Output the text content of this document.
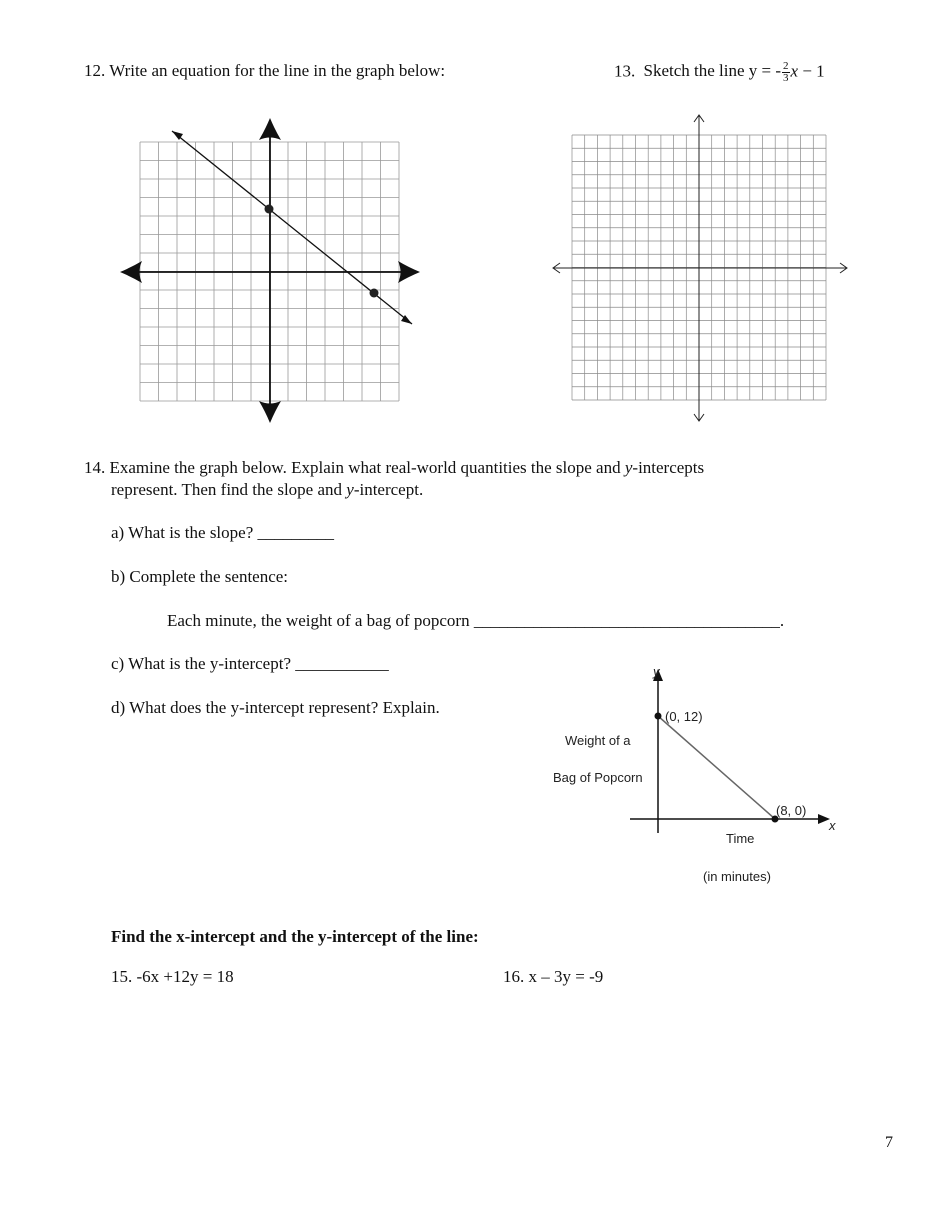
12. Write an equation for the line in the graph below:	13. Sketch the line y = - $\frac{2}{3}$ x − 1
14. Examine the graph below. Explain what real-world quantities the slope and y-intercepts
represent. Then find the slope and y-intercept.
a) What is the slope? _________
b) Complete the sentence:
Each minute, the weight of a bag of popcorn ____________________________________.
c) What is the y-intercept? ___________
d) What does the y-intercept represent? Explain.
y
x
(0, 12)
(8, 0)
Weight of a
Bag of Popcorn
Time
(in minutes)
Find the x-intercept and the y-intercept of the line:
15. -6x +12y = 18	16. x – 3y = -9
7
